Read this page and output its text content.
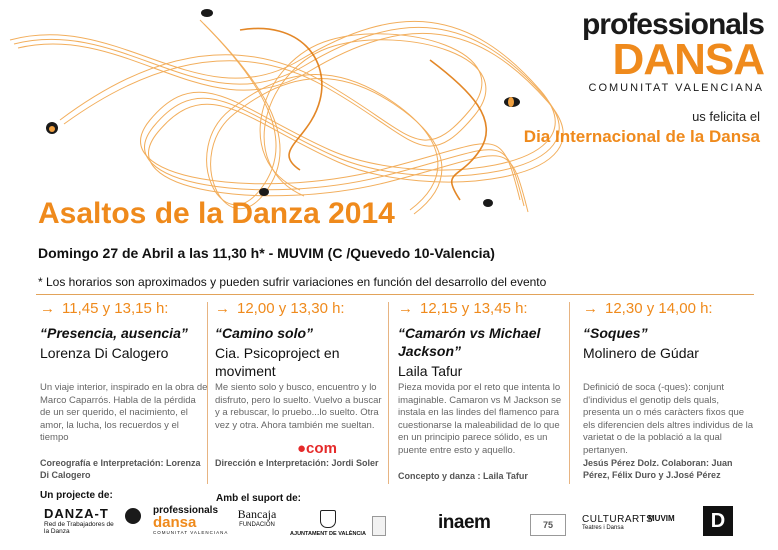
professionals
DANSA
COMUNITAT VALENCIANA
us felicita el
Dia Internacional de la Dansa
Asaltos de la Danza 2014
Domingo 27 de Abril a las 11,30 h* - MUVIM (C /Quevedo 10-Valencia)
* Los horarios son aproximados y pueden sufrir variaciones en función del desarrollo del evento
→ 11,45 y 13,15 h:
“Presencia, ausencia”
Lorenza Di Calogero
Un viaje interior, inspirado en la obra de Marco Caparrós. Habla de la pérdida de un ser querido, el nacimiento, el amor, la lucha, los recuerdos y el tiempo
Coreografía e Interpretación: Lorenza Di Calogero
→ 12,00 y 13,30 h:
“Camino solo”
Cia. Psicoproject en moviment
Me siento solo y busco, encuentro y lo disfruto, pero lo suelto. Vuelvo a buscar y a rebuscar, lo pruebo...lo suelto. Otra vez y otra. Ahora también me sueltan.
Dirección e Interpretación: Jordi Soler
●com
→ 12,15 y 13,45 h:
“Camarón vs Michael Jackson”
Laila Tafur
Pieza movida por el reto que intenta lo imaginable. Camaron vs M Jackson se instala en las lindes del flamenco para cuestionarse la maleabilidad de lo que en un principio parece sólido, es un puente entre esto y aquello.
Concepto y danza : Laila Tafur
→ 12,30 y 14,00 h:
“Soques”
Molinero de Gúdar
Definició de soca (-ques): conjunt d'individus el genotip dels quals, presenta un o més caràcters fixos que els diferencien dels altres individus de la varietat o de la població a la qual pertanyen.
Jesús Pérez Dolz. Colaboran: Juan Pérez, Félix Duro y J.José Pérez
Un projecte de:	Amb el suport de:
DANZA-T
Red de Trabajadores de la Danza
professionals
dansa
COMUNITAT VALENCIANA
Bancaja
FUNDACIÓN
AJUNTAMENT DE VALÈNCIA
inaem	75	CULTURARTS
Teatres i Dansa
MUVIM	D
